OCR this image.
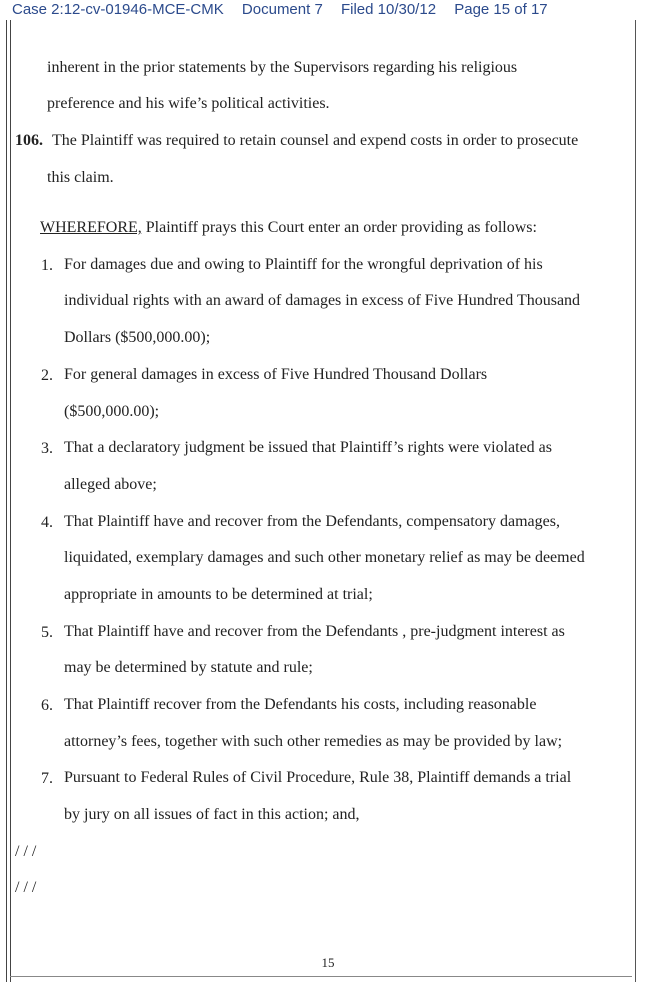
Case 2:12-cv-01946-MCE-CMK Document 7 Filed 10/30/12 Page 15 of 17
inherent in the prior statements by the Supervisors regarding his religious
preference and his wife’s political activities.
106. The Plaintiff was required to retain counsel and expend costs in order to prosecute
this claim.
WHEREFORE, Plaintiff prays this Court enter an order providing as follows:
1. For damages due and owing to Plaintiff for the wrongful deprivation of his
individual rights with an award of damages in excess of Five Hundred Thousand
Dollars ($500,000.00);
2. For general damages in excess of Five Hundred Thousand Dollars
($500,000.00);
3. That a declaratory judgment be issued that Plaintiff’s rights were violated as
alleged above;
4. That Plaintiff have and recover from the Defendants, compensatory damages,
liquidated, exemplary damages and such other monetary relief as may be deemed
appropriate in amounts to be determined at trial;
5. That Plaintiff have and recover from the Defendants , pre-judgment interest as
may be determined by statute and rule;
6. That Plaintiff recover from the Defendants his costs, including reasonable
attorney’s fees, together with such other remedies as may be provided by law;
7. Pursuant to Federal Rules of Civil Procedure, Rule 38, Plaintiff demands a trial
by jury on all issues of fact in this action; and,
/ / /
/ / /
15
